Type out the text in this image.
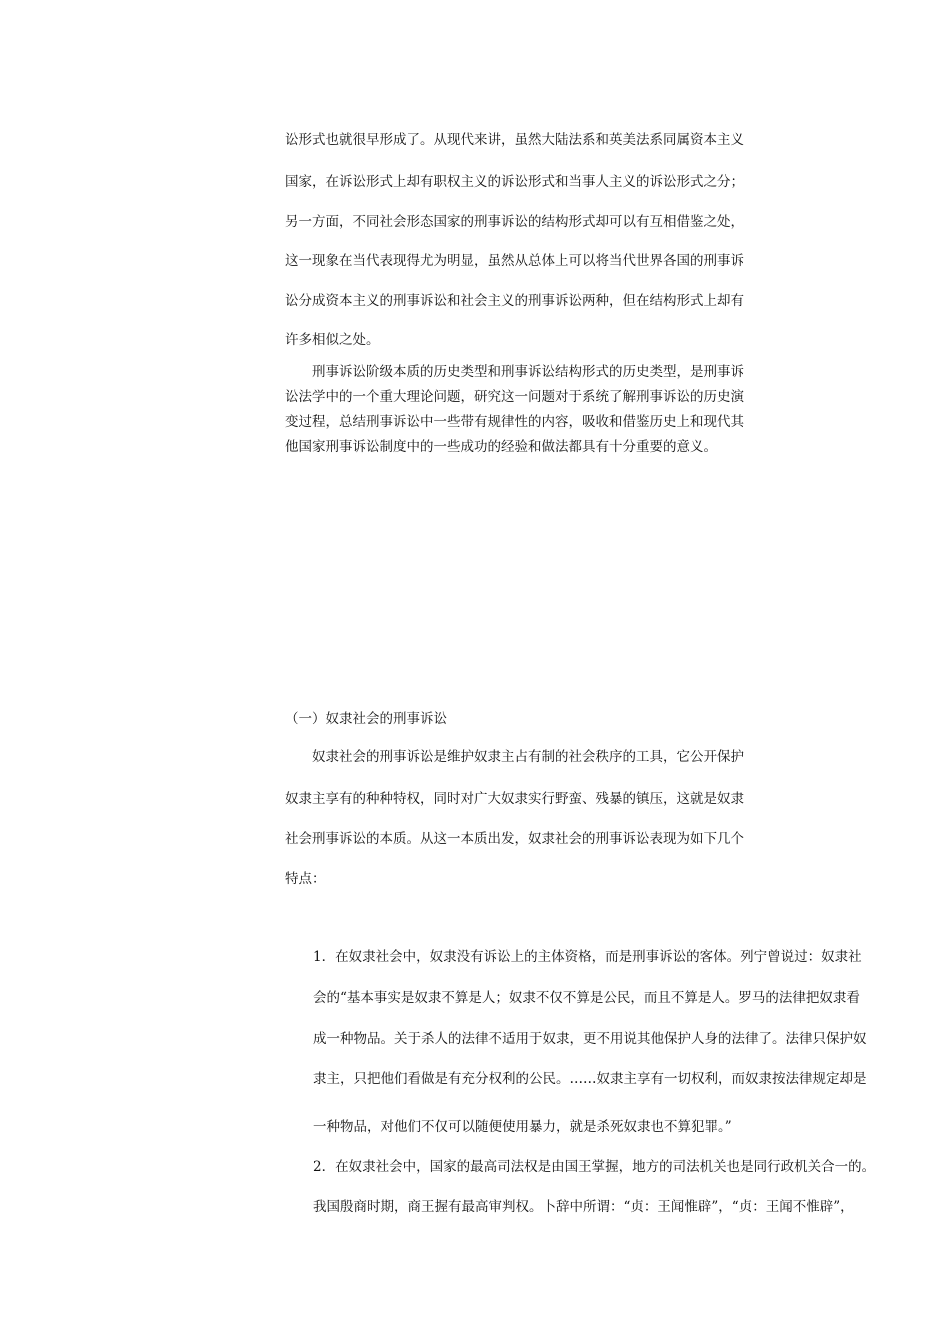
讼形式也就很早形成了。从现代来讲，虽然大陆法系和英美法系同属资本主义
国家，在诉讼形式上却有职权主义的诉讼形式和当事人主义的诉讼形式之分；
另一方面，不同社会形态国家的刑事诉讼的结构形式却可以有互相借鉴之处，
这一现象在当代表现得尤为明显，虽然从总体上可以将当代世界各国的刑事诉
讼分成资本主义的刑事诉讼和社会主义的刑事诉讼两种，但在结构形式上却有
许多相似之处。
　　刑事诉讼阶级本质的历史类型和刑事诉讼结构形式的历史类型，是刑事诉
讼法学中的一个重大理论问题，研究这一问题对于系统了解刑事诉讼的历史演
变过程，总结刑事诉讼中一些带有规律性的内容，吸收和借鉴历史上和现代其
他国家刑事诉讼制度中的一些成功的经验和做法都具有十分重要的意义。
（一）奴隶社会的刑事诉讼
　　奴隶社会的刑事诉讼是维护奴隶主占有制的社会秩序的工具，它公开保护
奴隶主享有的种种特权，同时对广大奴隶实行野蛮、残暴的镇压，这就是奴隶
社会刑事诉讼的本质。从这一本质出发，奴隶社会的刑事诉讼表现为如下几个
特点：
1．在奴隶社会中，奴隶没有诉讼上的主体资格，而是刑事诉讼的客体。列宁曾说过：奴隶社
会的“基本事实是奴隶不算是人；奴隶不仅不算是公民，而且不算是人。罗马的法律把奴隶看
成一种物品。关于杀人的法律不适用于奴隶，更不用说其他保护人身的法律了。法律只保护奴
隶主，只把他们看做是有充分权利的公民。……奴隶主享有一切权利，而奴隶按法律规定却是
一种物品，对他们不仅可以随便使用暴力，就是杀死奴隶也不算犯罪。”
2．在奴隶社会中，国家的最高司法权是由国王掌握，地方的司法机关也是同行政机关合一的。
我国殷商时期，商王握有最高审判权。卜辞中所谓：“贞：王闻惟辟”，“贞：王闻不惟辟”，
